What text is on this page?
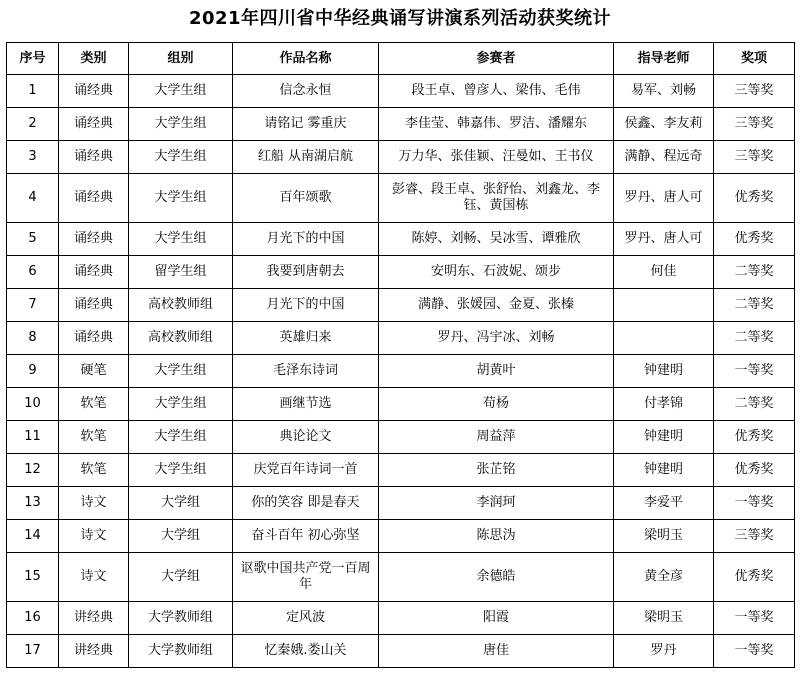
2021年四川省中华经典诵写讲演系列活动获奖统计
序号	类别	组别	作品名称	参赛者	指导老师	奖项
1	诵经典	大学生组	信念永恒	段王卓、曾彦人、梁伟、毛伟	易军、刘畅	三等奖
2	诵经典	大学生组	请铭记 雾重庆	李佳莹、韩嘉伟、罗洁、潘耀东	侯鑫、李友莉	三等奖
3	诵经典	大学生组	红船 从南湖启航	万力华、张佳颖、汪曼如、王书仪	满静、程远奇	三等奖
4	诵经典	大学生组	百年颂歌	彭睿、段王卓、张舒怡、刘鑫龙、李钰、黄国栋	罗丹、唐人可	优秀奖
5	诵经典	大学生组	月光下的中国	陈婷、刘畅、吴冰雪、谭雅欣	罗丹、唐人可	优秀奖
6	诵经典	留学生组	我要到唐朝去	安明东、石波妮、颂步	何佳	二等奖
7	诵经典	高校教师组	月光下的中国	满静、张媛园、金夏、张榛		二等奖
8	诵经典	高校教师组	英雄归来	罗丹、冯宇冰、刘畅		二等奖
9	硬笔	大学生组	毛泽东诗词	胡黄叶	钟建明	一等奖
10	软笔	大学生组	画继节选	苟杨	付孝锦	二等奖
11	软笔	大学生组	典论论文	周益萍	钟建明	优秀奖
12	软笔	大学生组	庆党百年诗词一首	张芷铭	钟建明	优秀奖
13	诗文	大学组	你的笑容 即是春天	李润珂	李爱平	一等奖
14	诗文	大学组	奋斗百年 初心弥坚	陈思沩	梁明玉	三等奖
15	诗文	大学组	讴歌中国共产党一百周年	余德皓	黄全彦	优秀奖
16	讲经典	大学教师组	定风波	阳霞	梁明玉	一等奖
17	讲经典	大学教师组	忆秦娥.娄山关	唐佳	罗丹	一等奖
